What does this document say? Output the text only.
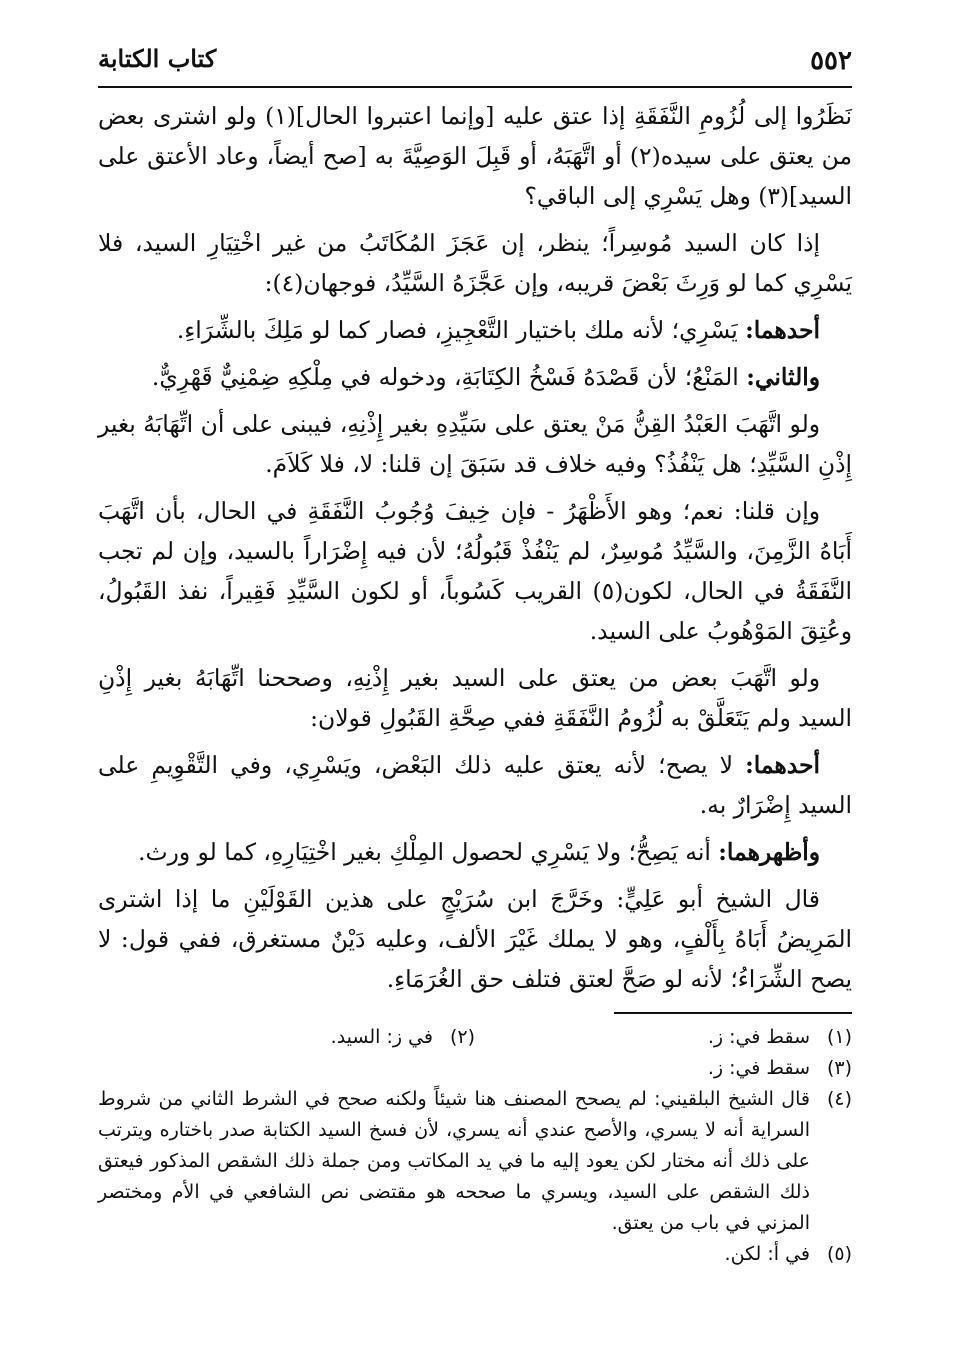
٥٥٢
كتاب الكتابة

نَظَرُوا إلى لُزُومِ النَّفَقَةِ إذا عتق عليه [وإنما اعتبروا الحال](١) ولو اشترى بعض من يعتق على سيده(٢) أو اتَّهَبَهُ، أو قَبِلَ الوَصِيَّةَ به [صح أيضاً، وعاد الأعتق على السيد](٣) وهل يَسْرِي إلى الباقي؟

إذا كان السيد مُوسِراً؛ ينظر، إن عَجَزَ المُكَاتَبُ من غير اخْتِيَارِ السيد، فلا يَسْرِي كما لو وَرِثَ بَعْضَ قريبه، وإن عَجَّزَهُ السَّيِّدُ، فوجهان(٤):

أحدهما: يَسْرِي؛ لأنه ملك باختيار التَّعْجِيزِ، فصار كما لو مَلِكَ بالشِّرَاءِ.

والثاني: المَنْعُ؛ لأن قَصْدَهُ فَسْخُ الكِتَابَةِ، ودخوله في مِلْكِهِ ضِمْنِيٌّ قَهْرِيٌّ.

ولو اتَّهَبَ العَبْدُ القِنُّ مَنْ يعتق على سَيِّدِهِ بغير إِذْنِهِ، فيبنى على أن اتِّهَابَهُ بغير إِذْنِ السَّيِّدِ؛ هل يَنْفُذُ؟ وفيه خلاف قد سَبَقَ إن قلنا: لا، فلا كَلاَمَ.

وإن قلنا: نعم؛ وهو الأَظْهَرُ - فإن خِيفَ وُجُوبُ النَّفَقَةِ في الحال، بأن اتَّهَبَ أَبَاهُ الزَّمِنَ، والسَّيِّدُ مُوسِرٌ، لم يَنْفُذْ قَبُولُهُ؛ لأن فيه إِضْرَاراً بالسيد، وإن لم تجب النَّفَقَةُ في الحال، لكون(٥) القريب كَسُوباً، أو لكون السَّيِّدِ فَقِيراً، نفذ القَبُولُ، وعُتِقَ المَوْهُوبُ على السيد.

ولو اتَّهَبَ بعض من يعتق على السيد بغير إِذْنِهِ، وصححنا اتِّهَابَهُ بغير إِذْنِ السيد ولم يَتَعَلَّقْ به لُزُومُ النَّفَقَةِ ففي صِحَّةِ القَبُولِ قولان:

أحدهما: لا يصح؛ لأنه يعتق عليه ذلك البَعْض، ويَسْرِي، وفي التَّقْوِيمِ على السيد إِضْرَارٌ به.

وأظهرهما: أنه يَصِحُّ؛ ولا يَسْرِي لحصول المِلْكِ بغير اخْتِيَارِهِ، كما لو ورث.

قال الشيخ أبو عَلِيٍّ: وخَرَّجَ ابن سُرَيْجٍ على هذين القَوْلَيْنِ ما إذا اشترى المَرِيضُ أَبَاهُ بِأَلْفٍ، وهو لا يملك غَيْرَ الألف، وعليه دَيْنٌ مستغرق، ففي قول: لا يصح الشِّرَاءُ؛ لأنه لو صَحَّ لعتق فتلف حق الغُرَمَاءِ.

(١)
سقط في: ز.
(٢)
في ز: السيد.
(٣)
سقط في: ز.
(٤)
قال الشيخ البلقيني: لم يصحح المصنف هنا شيئاً ولكنه صحح في الشرط الثاني من شروط السراية أنه لا يسري، والأصح عندي أنه يسري، لأن فسخ السيد الكتابة صدر باختاره ويترتب على ذلك أنه مختار لكن يعود إليه ما في يد المكاتب ومن جملة ذلك الشقص المذكور فيعتق ذلك الشقص على السيد، ويسري ما صححه هو مقتضى نص الشافعي في الأم ومختصر المزني في باب من يعتق.
(٥)
في أ: لكن.
